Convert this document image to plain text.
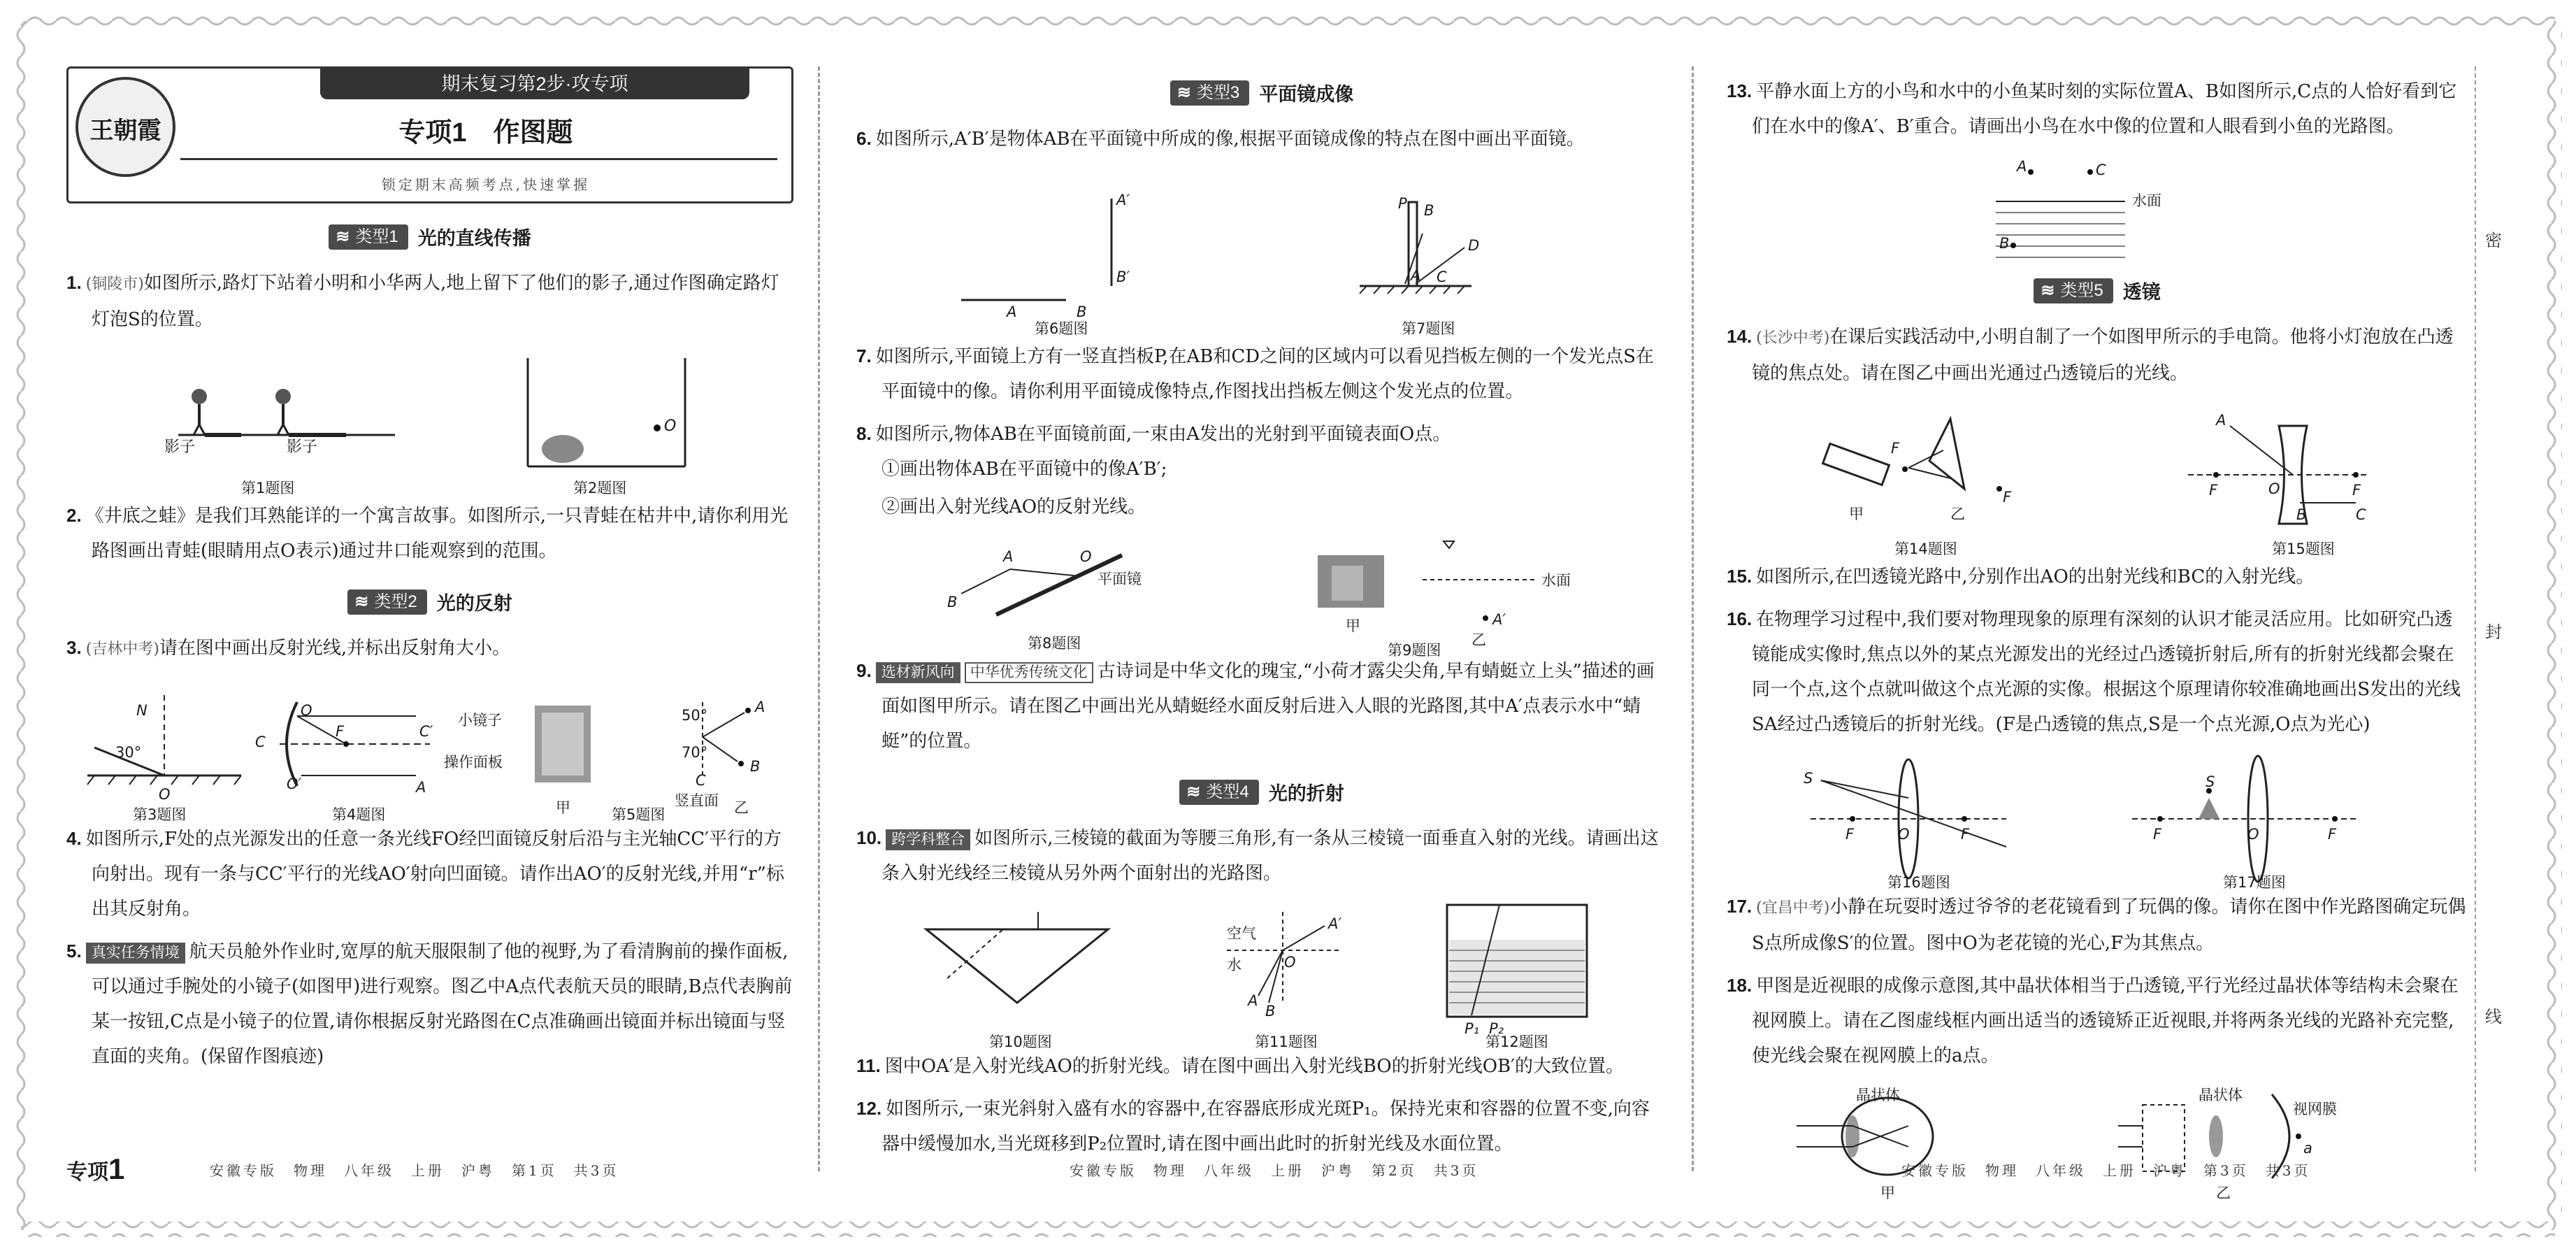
密
封
线
王朝霞
期末复习第2步·攻专项
专项1　作图题
锁定期末高频考点,快速掌握
≋ 类型1 光的直线传播

1. (铜陵市)如图所示,路灯下站着小明和小华两人,地上留下了他们的影子,通过作图确定路灯灯泡S的位置。

影子	影子
O
第1题图	第2题图

2. 《井底之蛙》是我们耳熟能详的一个寓言故事。如图所示,一只青蛙在枯井中,请你利用光路图画出青蛙(眼睛用点O表示)通过井口能观察到的范围。

≋ 类型2 光的反射

3. (吉林中考)请在图中画出反射光线,并标出反射角大小。

N
30°
O
C
C′
O
O′
F
A
小镜子
操作面板
50°
70°
A
B
C
竖直面
甲	乙
第3题图	第4题图	第5题图

4. 如图所示,F处的点光源发出的任意一条光线FO经凹面镜反射后沿与主光轴CC′平行的方向射出。现有一条与CC′平行的光线AO′射向凹面镜。请作出AO′的反射光线,并用“r”标出其反射角。

5. 真实任务情境 航天员舱外作业时,宽厚的航天服限制了他的视野,为了看清胸前的操作面板,可以通过手腕处的小镜子(如图甲)进行观察。图乙中A点代表航天员的眼睛,B点代表胸前某一按钮,C点是小镜子的位置,请你根据反射光路图在C点准确画出镜面并标出镜面与竖直面的夹角。(保留作图痕迹)

专项1	安徽专版　物理　八年级　上册　沪粤　第1页　共3页
≋ 类型3 平面镜成像

6. 如图所示,A′B′是物体AB在平面镜中所成的像,根据平面镜成像的特点在图中画出平面镜。

A′
B′
A	B
P B
D
A C
第6题图	第7题图

7. 如图所示,平面镜上方有一竖直挡板P,在AB和CD之间的区域内可以看见挡板左侧的一个发光点S在平面镜中的像。请你利用平面镜成像特点,作图找出挡板左侧这个发光点的位置。

8. 如图所示,物体AB在平面镜前面,一束由A发出的光射到平面镜表面O点。

①画出物体AB在平面镜中的像A′B′;

②画出入射光线AO的反射光线。

A	O
B
平面镜	水面
A′
甲
乙
第8题图	第9题图

9. 选材新风向 中华优秀传统文化 古诗词是中华文化的瑰宝,“小荷才露尖尖角,早有蜻蜓立上头”描述的画面如图甲所示。请在图乙中画出光从蜻蜓经水面反射后进入人眼的光路图,其中A′点表示水中“蜻蜓”的位置。

≋ 类型4 光的折射

10. 跨学科整合 如图所示,三棱镜的截面为等腰三角形,有一条从三棱镜一面垂直入射的光线。请画出这条入射光线经三棱镜从另外两个面射出的光路图。

空气
水
A′
O
A
B
P₁ P₂
第10题图	第11题图	第12题图

11. 图中OA′是入射光线AO的折射光线。请在图中画出入射光线BO的折射光线OB′的大致位置。

12. 如图所示,一束光斜射入盛有水的容器中,在容器底形成光斑P₁。保持光束和容器的位置不变,向容器中缓慢加水,当光斑移到P₂位置时,请在图中画出此时的折射光线及水面位置。

安徽专版　物理　八年级　上册　沪粤　第2页　共3页

13. 平静水面上方的小鸟和水中的小鱼某时刻的实际位置A、B如图所示,C点的人恰好看到它们在水中的像A′、B′重合。请画出小鸟在水中像的位置和人眼看到小鱼的光路图。

A	C
水面
B
≋ 类型5 透镜

14. (长沙中考)在课后实践活动中,小明自制了一个如图甲所示的手电筒。他将小灯泡放在凸透镜的焦点处。请在图乙中画出光通过凸透镜后的光线。

F
甲	乙
F
A
F	O	F
B	C
第14题图	第15题图

15. 如图所示,在凹透镜光路中,分别作出AO的出射光线和BC的入射光线。

16. 在物理学习过程中,我们要对物理现象的原理有深刻的认识才能灵活应用。比如研究凸透镜能成实像时,焦点以外的某点光源发出的光经过凸透镜折射后,所有的折射光线都会聚在同一个点,这个点就叫做这个点光源的实像。根据这个原理请你较准确地画出S发出的光线SA经过凸透镜后的折射光线。(F是凸透镜的焦点,S是一个点光源,O点为光心)

S
F	O	F
S
F	O	F
第16题图	第17题图

17. (宜昌中考)小静在玩耍时透过爷爷的老花镜看到了玩偶的像。请你在图中作光路图确定玩偶S点所成像S′的位置。图中O为老花镜的光心,F为其焦点。

18. 甲图是近视眼的成像示意图,其中晶状体相当于凸透镜,平行光经过晶状体等结构未会聚在视网膜上。请在乙图虚线框内画出适当的透镜矫正近视眼,并将两条光线的光路补充完整,使光线会聚在视网膜上的a点。

晶状体	晶状体
视网膜
a
甲	乙
安徽专版　物理　八年级　上册　沪粤　第3页　共3页
